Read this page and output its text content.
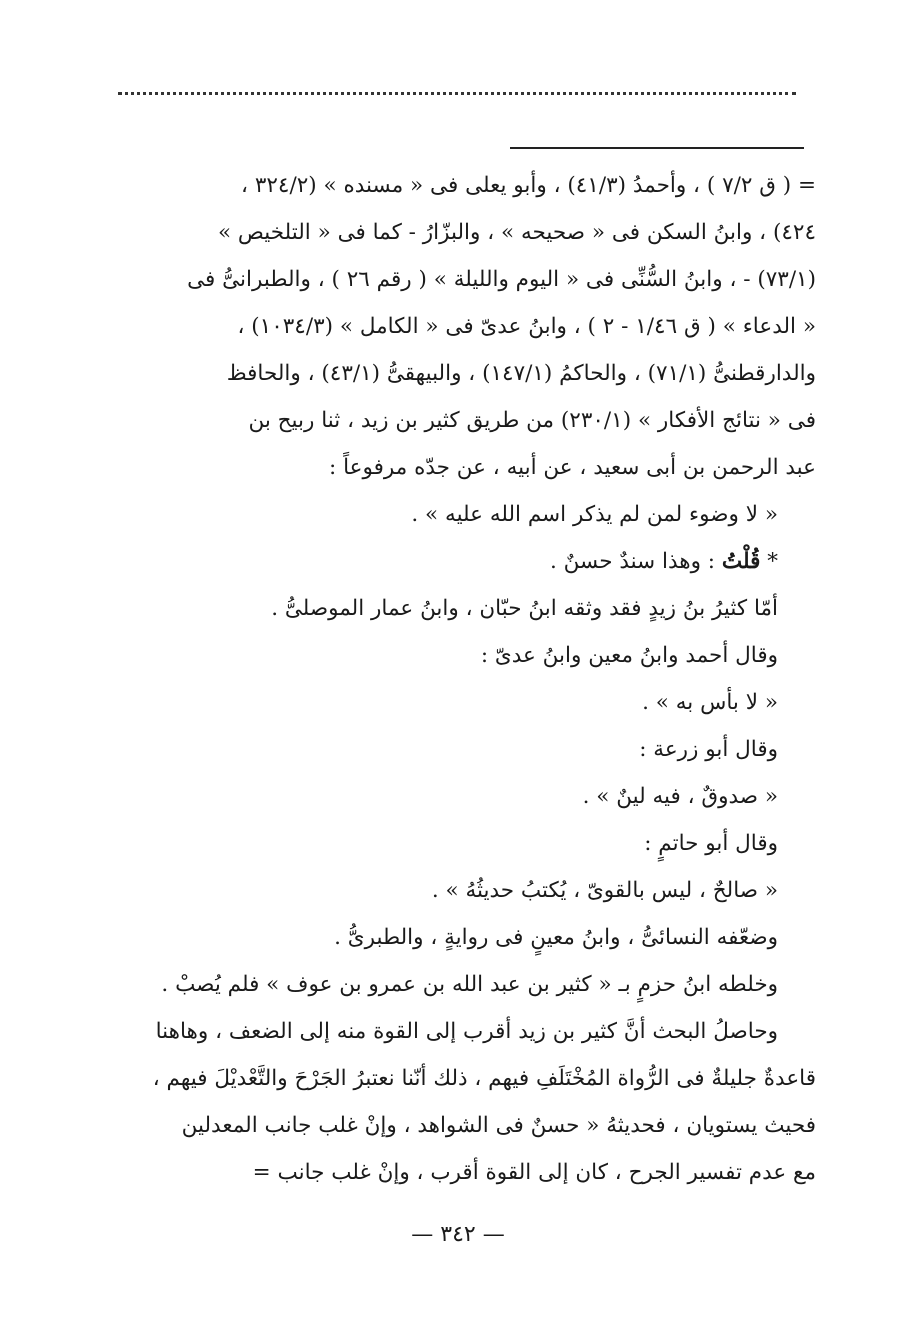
= ( ق ٧/٢ ) ، وأحمدُ (٤١/٣) ، وأبو يعلى فى « مسنده » (٣٢٤/٢ ،

٤٢٤) ، وابنُ السكن فى « صحيحه » ، والبزّارُ - كما فى « التلخيص »

(٧٣/١) - ، وابنُ السُّنِّى فى « اليوم والليلة » ( رقم ٢٦ ) ، والطبرانىُّ فى

« الدعاء » ( ق ١/٤٦ - ٢ ) ، وابنُ عدىّ فى « الكامل » (١٠٣٤/٣) ،

والدارقطنىُّ (٧١/١) ، والحاكمُ (١٤٧/١) ، والبيهقىُّ (٤٣/١) ، والحافظ

فى « نتائج الأفكار » (٢٣٠/١) من طريق كثير بن زيد ، ثنا ربيح بن

عبد الرحمن بن أبى سعيد ، عن أبيه ، عن جدّه مرفوعاً :

« لا وضوء لمن لم يذكر اسم الله عليه » .

* قُلْتُ : وهذا سندٌ حسنٌ .

أمّا كثيرُ بنُ زيدٍ فقد وثقه ابنُ حبّان ، وابنُ عمار الموصلىُّ .

وقال أحمد وابنُ معين وابنُ عدىّ :

« لا بأس به » .

وقال أبو زرعة :

« صدوقٌ ، فيه لينٌ » .

وقال أبو حاتمٍ :

« صالحٌ ، ليس بالقوىّ ، يُكتبُ حديثُهُ » .

وضعّفه النسائىُّ ، وابنُ معينٍ فى روايةٍ ، والطبرىُّ .

وخلطه ابنُ حزمٍ بـ « كثير بن عبد الله بن عمرو بن عوف » فلم يُصبْ .

وحاصلُ البحث أنَّ كثير بن زيد أقرب إلى القوة منه إلى الضعف ، وهاهنا

قاعدةٌ جليلةٌ فى الرُّواة المُخْتَلَفِ فيهم ، ذلك أنّنا نعتبرُ الجَرْحَ والتَّعْديْلَ فيهم ،

فحيث يستويان ، فحديثهُ « حسنٌ فى الشواهد ، وإنْ غلب جانب المعدلين

مع عدم تفسير الجرح ، كان إلى القوة أقرب ، وإنْ غلب جانب =

— ٣٤٢ —
